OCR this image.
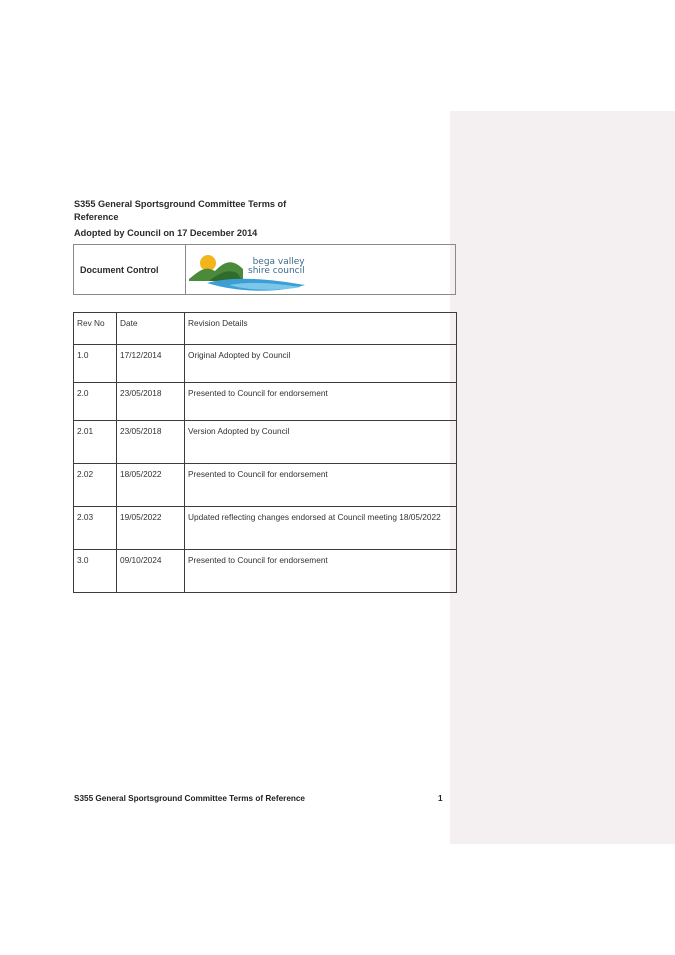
S355 General Sportsground Committee Terms of Reference
Adopted by Council on 17 December 2014
Document Control
bega valley
shire council
Rev No	Date	Revision Details
1.0	17/12/2014	Original Adopted by Council
2.0	23/05/2018	Presented to Council for endorsement
2.01	23/05/2018	Version Adopted by Council
2.02	18/05/2022	Presented to Council for endorsement
2.03	19/05/2022	Updated reflecting changes endorsed at Council meeting 18/05/2022
3.0	09/10/2024	Presented to Council for endorsement
S355 General Sportsground Committee Terms of Reference	1
